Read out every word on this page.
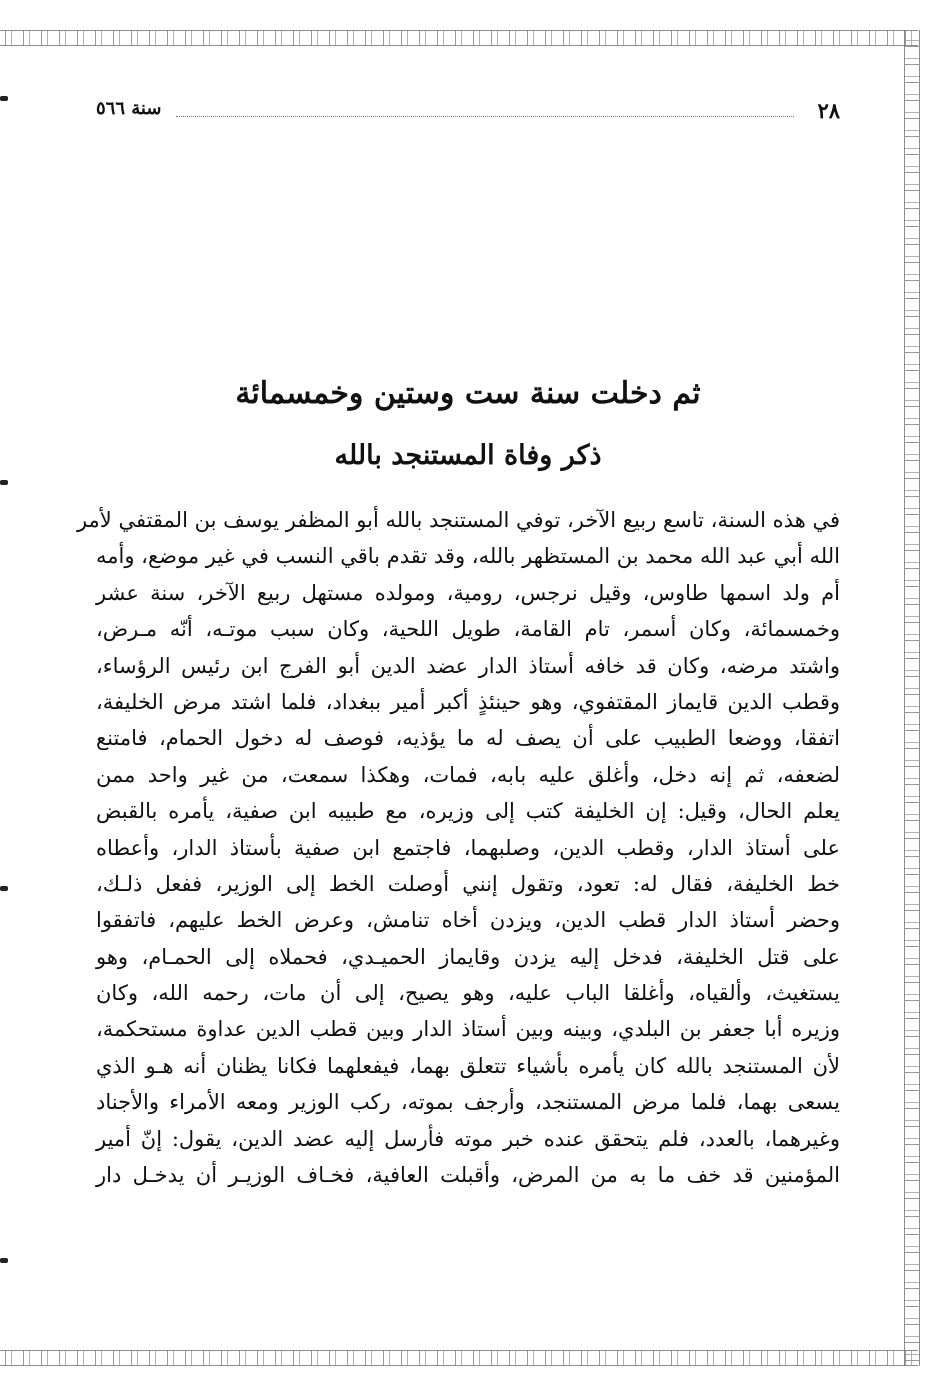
٢٨
سنة ٥٦٦
ثم دخلت سنة ست وستين وخمسمائة
ذكر وفاة المستنجد بالله
في هذه السنة، تاسع ربيع الآخر، توفي المستنجد بالله أبو المظفر يوسف بن المقتفي لأمر
الله أبي عبد الله محمد بن المستظهر بالله، وقد تقدم باقي النسب في غير موضع، وأمه
أم ولد اسمها طاوس، وقيل نرجس، رومية، ومولده مستهل ربيع الآخر، سنة عشر
وخمسمائة، وكان أسمر، تام القامة، طويل اللحية، وكان سبب موتـه، أنّه مـرض،
واشتد مرضه، وكان قد خافه أستاذ الدار عضد الدين أبو الفرج ابن رئيس الرؤساء،
وقطب الدين قايماز المقتفوي، وهو حينئذٍ أكبر أمير ببغداد، فلما اشتد مرض الخليفة،
اتفقا، ووضعا الطبيب على أن يصف له ما يؤذيه، فوصف له دخول الحمام، فامتنع
لضعفه، ثم إنه دخل، وأغلق عليه بابه، فمات، وهكذا سمعت، من غير واحد ممن
يعلم الحال، وقيل: إن الخليفة كتب إلى وزيره، مع طبيبه ابن صفية، يأمره بالقبض
على أستاذ الدار، وقطب الدين، وصلبهما، فاجتمع ابن صفية بأستاذ الدار، وأعطاه
خط الخليفة، فقال له: تعود، وتقول إنني أوصلت الخط إلى الوزير، ففعل ذلـك،
وحضر أستاذ الدار قطب الدين، ويزدن أخاه تنامش، وعرض الخط عليهم، فاتفقوا
على قتل الخليفة، فدخل إليه يزدن وقايماز الحميـدي، فحملاه إلى الحمـام، وهو
يستغيث، وألقياه، وأغلقا الباب عليه، وهو يصيح، إلى أن مات، رحمه الله، وكان
وزيره أبا جعفر بن البلدي، وبينه وبين أستاذ الدار وبين قطب الدين عداوة مستحكمة،
لأن المستنجد بالله كان يأمره بأشياء تتعلق بهما، فيفعلهما فكانا يظنان أنه هـو الذي
يسعى بهما، فلما مرض المستنجد، وأرجف بموته، ركب الوزير ومعه الأمراء والأجناد
وغيرهما، بالعدد، فلم يتحقق عنده خبر موته فأرسل إليه عضد الدين، يقول: إنّ أمير
المؤمنين قد خف ما به من المرض، وأقبلت العافية، فخـاف الوزيـر أن يدخـل دار
